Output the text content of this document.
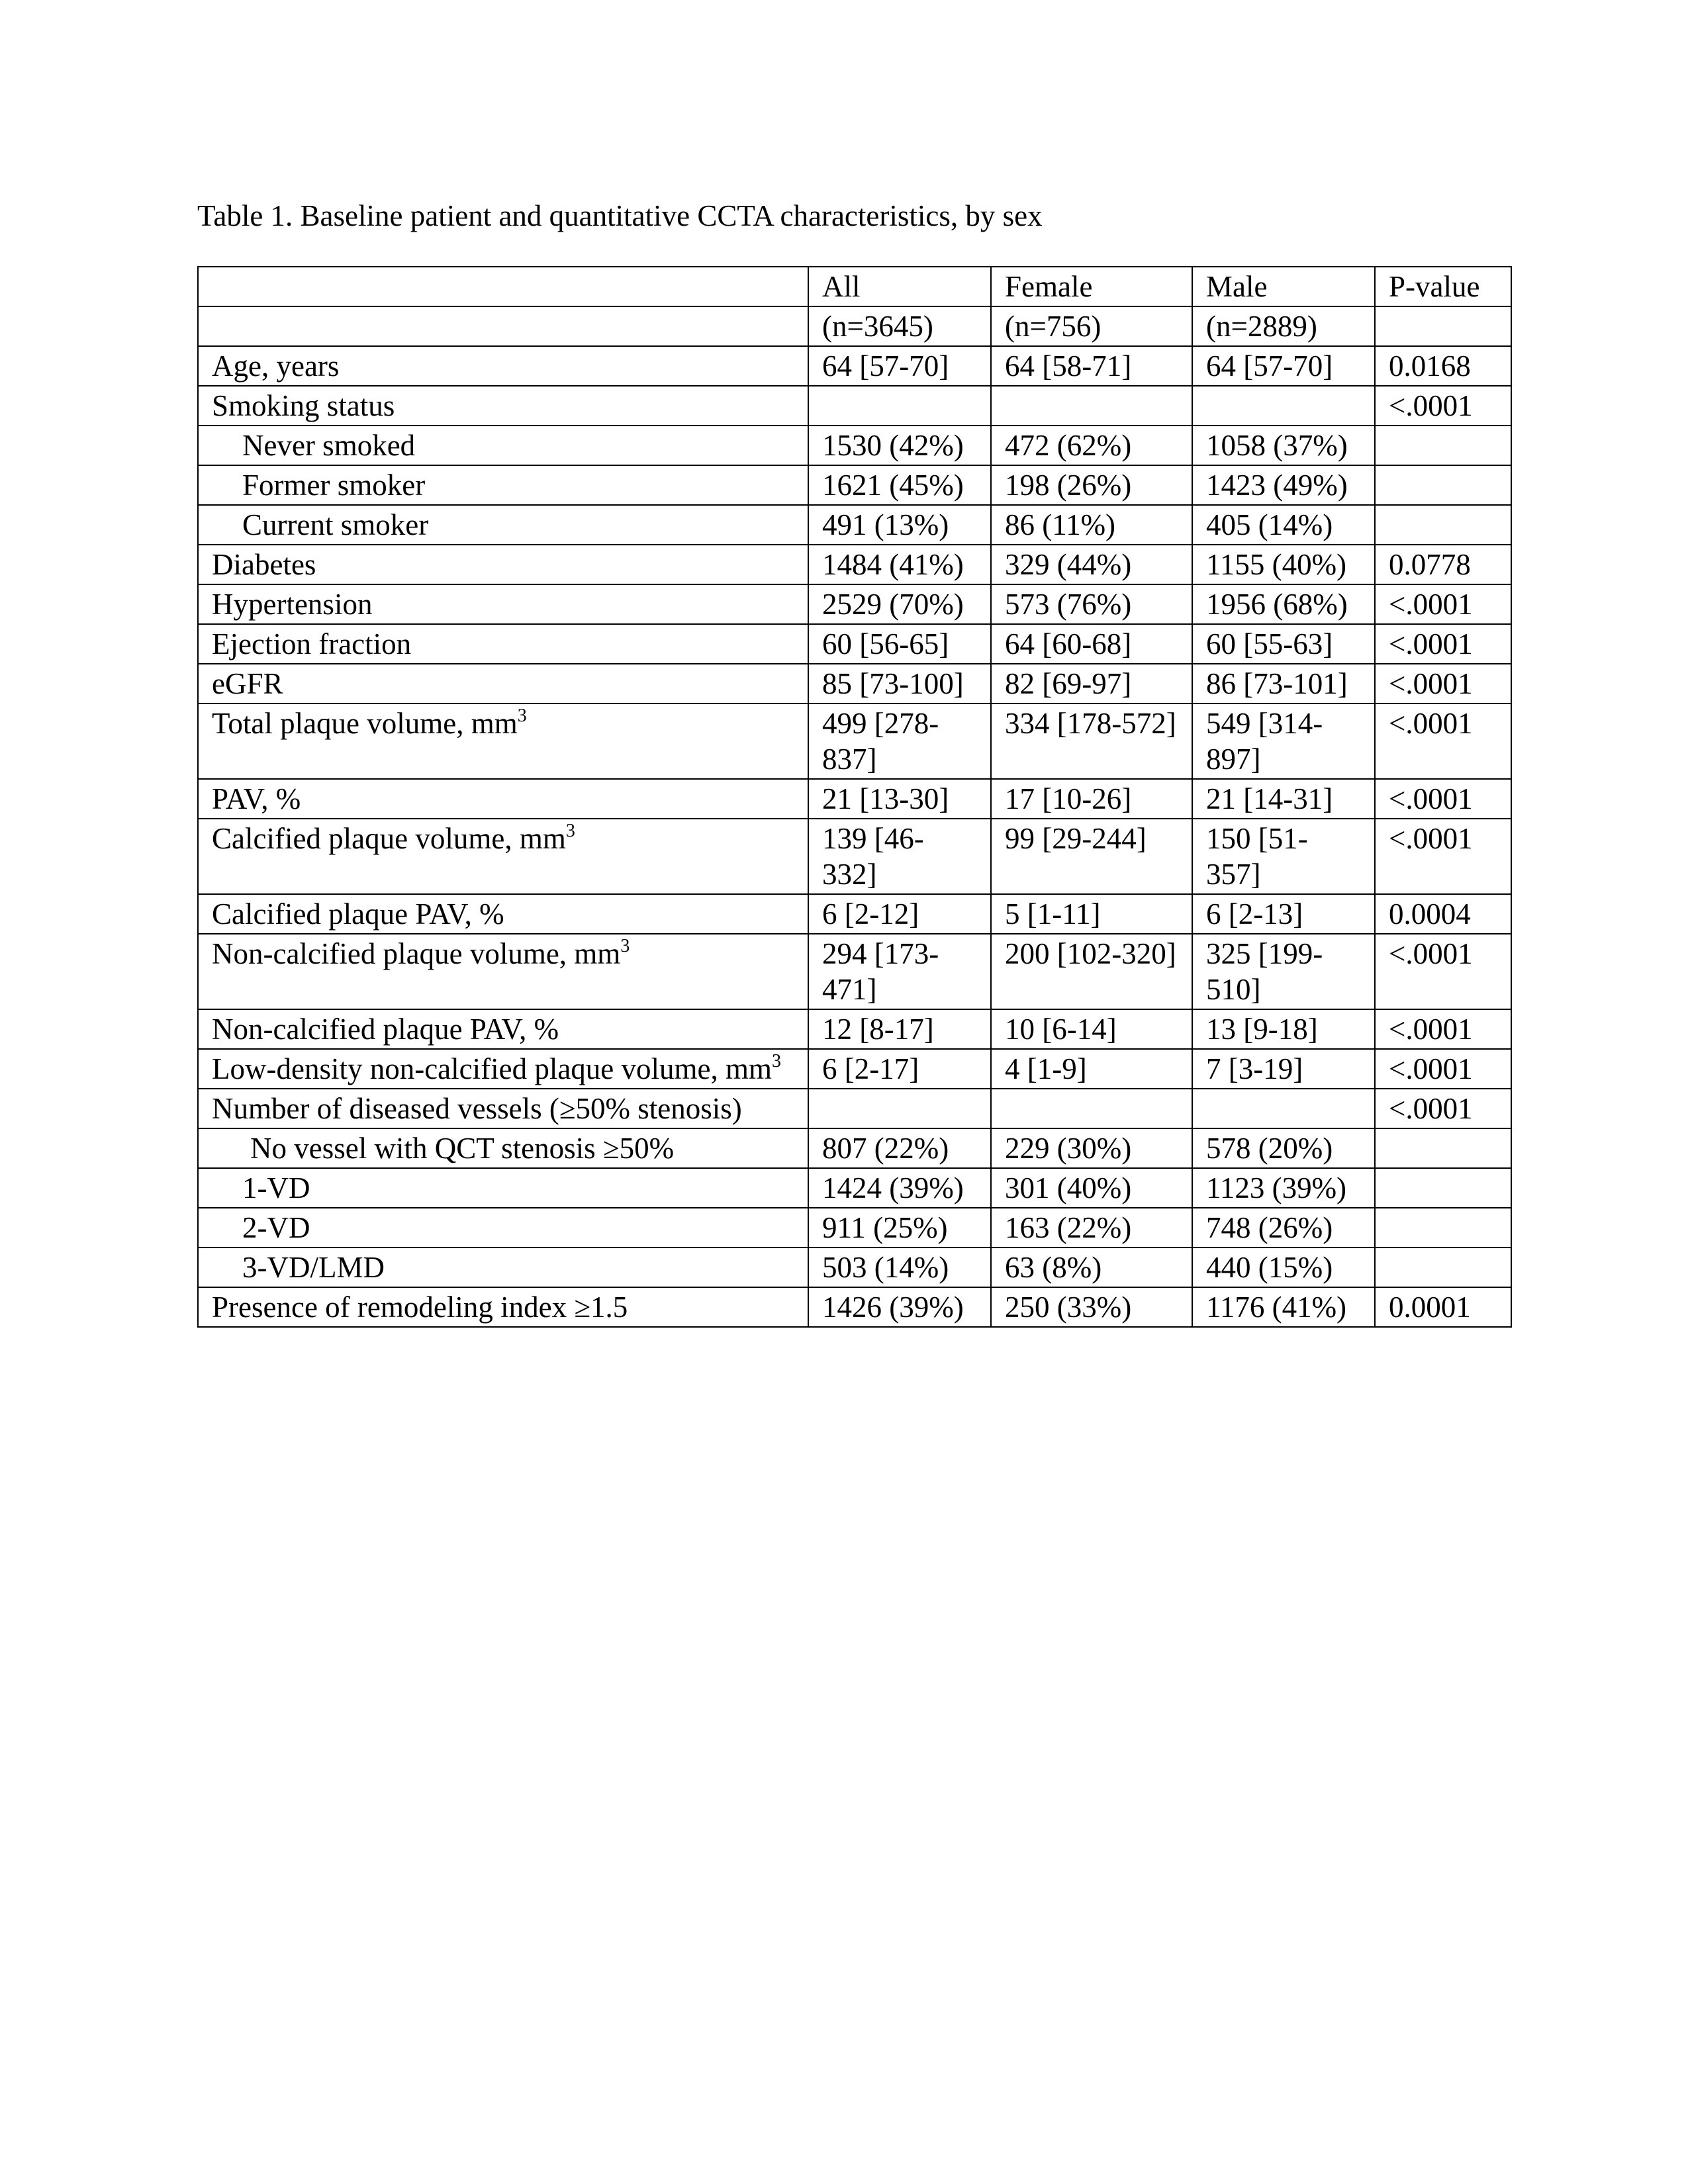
Table 1. Baseline patient and quantitative CCTA characteristics, by sex
	All	Female	Male	P-value
	(n=3645)	(n=756)	(n=2889)	
Age, years	64 [57-70]	64 [58-71]	64 [57-70]	0.0168
Smoking status				<.0001
Never smoked	1530 (42%)	472 (62%)	1058 (37%)	
Former smoker	1621 (45%)	198 (26%)	1423 (49%)	
Current smoker	491 (13%)	86 (11%)	405 (14%)	
Diabetes	1484 (41%)	329 (44%)	1155 (40%)	0.0778
Hypertension	2529 (70%)	573 (76%)	1956 (68%)	<.0001
Ejection fraction	60 [56-65]	64 [60-68]	60 [55-63]	<.0001
eGFR	85 [73-100]	82 [69-97]	86 [73-101]	<.0001
Total plaque volume, $mm^3$	499 [278-837]	334 [178-572]	549 [314-897]	<.0001
PAV, %	21 [13-30]	17 [10-26]	21 [14-31]	<.0001
Calcified plaque volume, $mm^3$	139 [46-332]	99 [29-244]	150 [51-357]	<.0001
Calcified plaque PAV, %	6 [2-12]	5 [1-11]	6 [2-13]	0.0004
Non-calcified plaque volume, $mm^3$	294 [173-471]	200 [102-320]	325 [199-510]	<.0001
Non-calcified plaque PAV, %	12 [8-17]	10 [6-14]	13 [9-18]	<.0001
Low-density non-calcified plaque volume, $mm^3$	6 [2-17]	4 [1-9]	7 [3-19]	<.0001
Number of diseased vessels (≥50% stenosis)				<.0001
No vessel with QCT stenosis ≥50%	807 (22%)	229 (30%)	578 (20%)	
1-VD	1424 (39%)	301 (40%)	1123 (39%)	
2-VD	911 (25%)	163 (22%)	748 (26%)	
3-VD/LMD	503 (14%)	63 (8%)	440 (15%)	
Presence of remodeling index ≥1.5	1426 (39%)	250 (33%)	1176 (41%)	0.0001
